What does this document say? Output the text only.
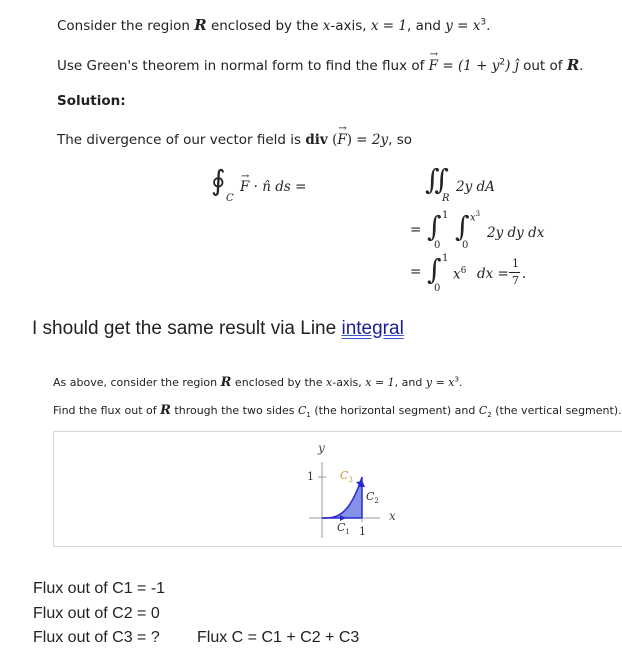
Consider the region R enclosed by the x-axis, x = 1, and $y = x^3$.
Use Green's theorem in normal form to find the flux of
→
$F = (1 + y^2)$ ĵ out of R.
Solution:
The divergence of our vector field is div (
→
F) = 2y, so
∮
C
→
F · n̂ ds =	∬
R
2y dA
= ∫ 1
0
∫ $x^3$
0
2y dy dx
= ∫ 1
0
$x^6$ dx =
1
7 .
I should get the same result via Line integral
As above, consider the region R enclosed by the x-axis, x = 1, and $y = x^3$.
Find the flux out of R through the two sides $C_1$ (the horizontal segment) and $C_2$ (the vertical segment).
y
x
1
1
$C_3$
$C_2$
$C_1$
Flux out of C1 = -1
Flux out of C2 = 0
Flux out of C3 = ? Flux C = C1 + C2 + C3
